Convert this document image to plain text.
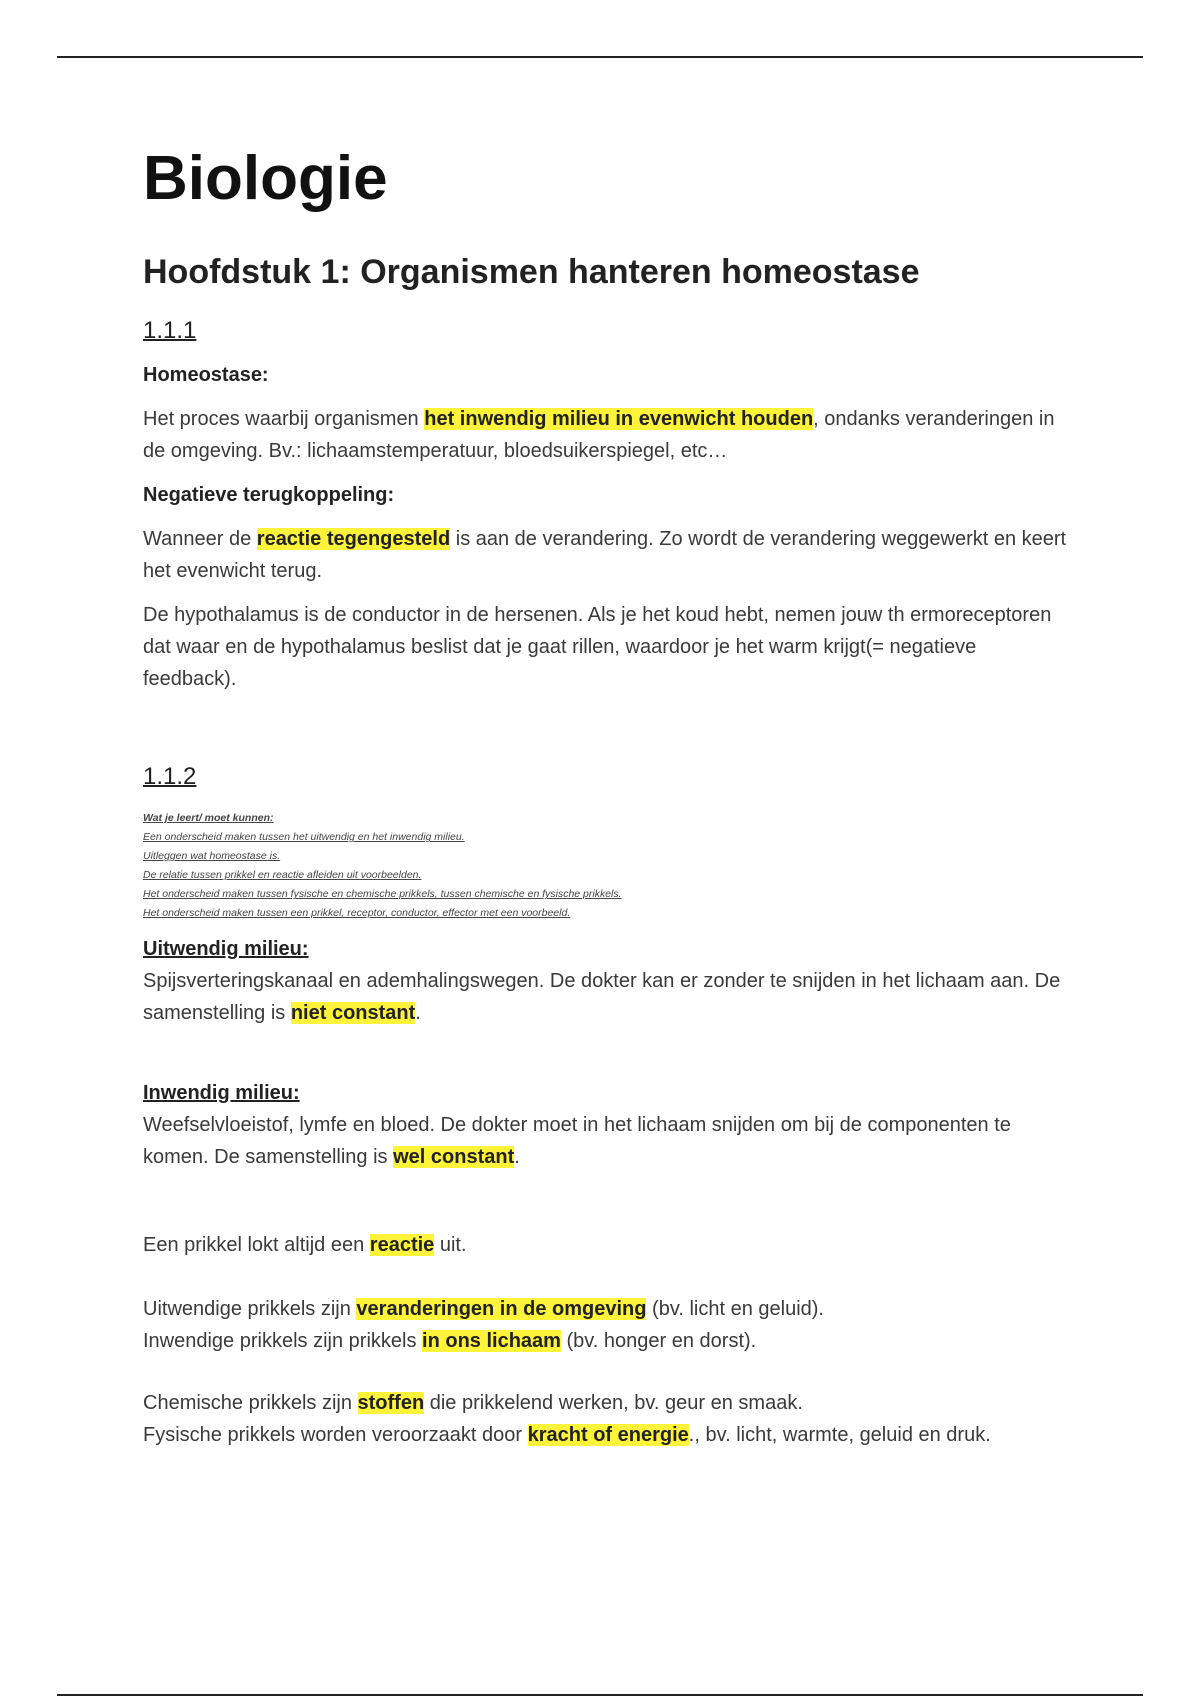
Biologie
Hoofdstuk 1: Organismen hanteren homeostase
1.1.1

Homeostase:

Het proces waarbij organismen het inwendig milieu in evenwicht houden, ondanks veranderingen in de omgeving. Bv.: lichaamstemperatuur, bloedsuikerspiegel, etc…

Negatieve terugkoppeling:

Wanneer de reactie tegengesteld is aan de verandering. Zo wordt de verandering weggewerkt en keert het evenwicht terug.

De hypothalamus is de conductor in de hersenen. Als je het koud hebt, nemen jouw th ermoreceptoren dat waar en de hypothalamus beslist dat je gaat rillen, waardoor je het warm krijgt(= negatieve feedback).

1.1.2
Wat je leert/ moet kunnen:
Een onderscheid maken tussen het uitwendig en het inwendig milieu.
Uitleggen wat homeostase is.
De relatie tussen prikkel en reactie afleiden uit voorbeelden.
Het onderscheid maken tussen fysische en chemische prikkels, tussen chemische en fysische prikkels.
Het onderscheid maken tussen een prikkel, receptor, conductor, effector met een voorbeeld.

Uitwendig milieu:

Spijsverteringskanaal en ademhalingswegen. De dokter kan er zonder te snijden in het lichaam aan. De samenstelling is niet constant.

Inwendig milieu:

Weefselvloeistof, lymfe en bloed. De dokter moet in het lichaam snijden om bij de componenten te komen. De samenstelling is wel constant.

Een prikkel lokt altijd een reactie uit.

Uitwendige prikkels zijn veranderingen in de omgeving (bv. licht en geluid).

Inwendige prikkels zijn prikkels in ons lichaam (bv. honger en dorst).

Chemische prikkels zijn stoffen die prikkelend werken, bv. geur en smaak.

Fysische prikkels worden veroorzaakt door kracht of energie., bv. licht, warmte, geluid en druk.
